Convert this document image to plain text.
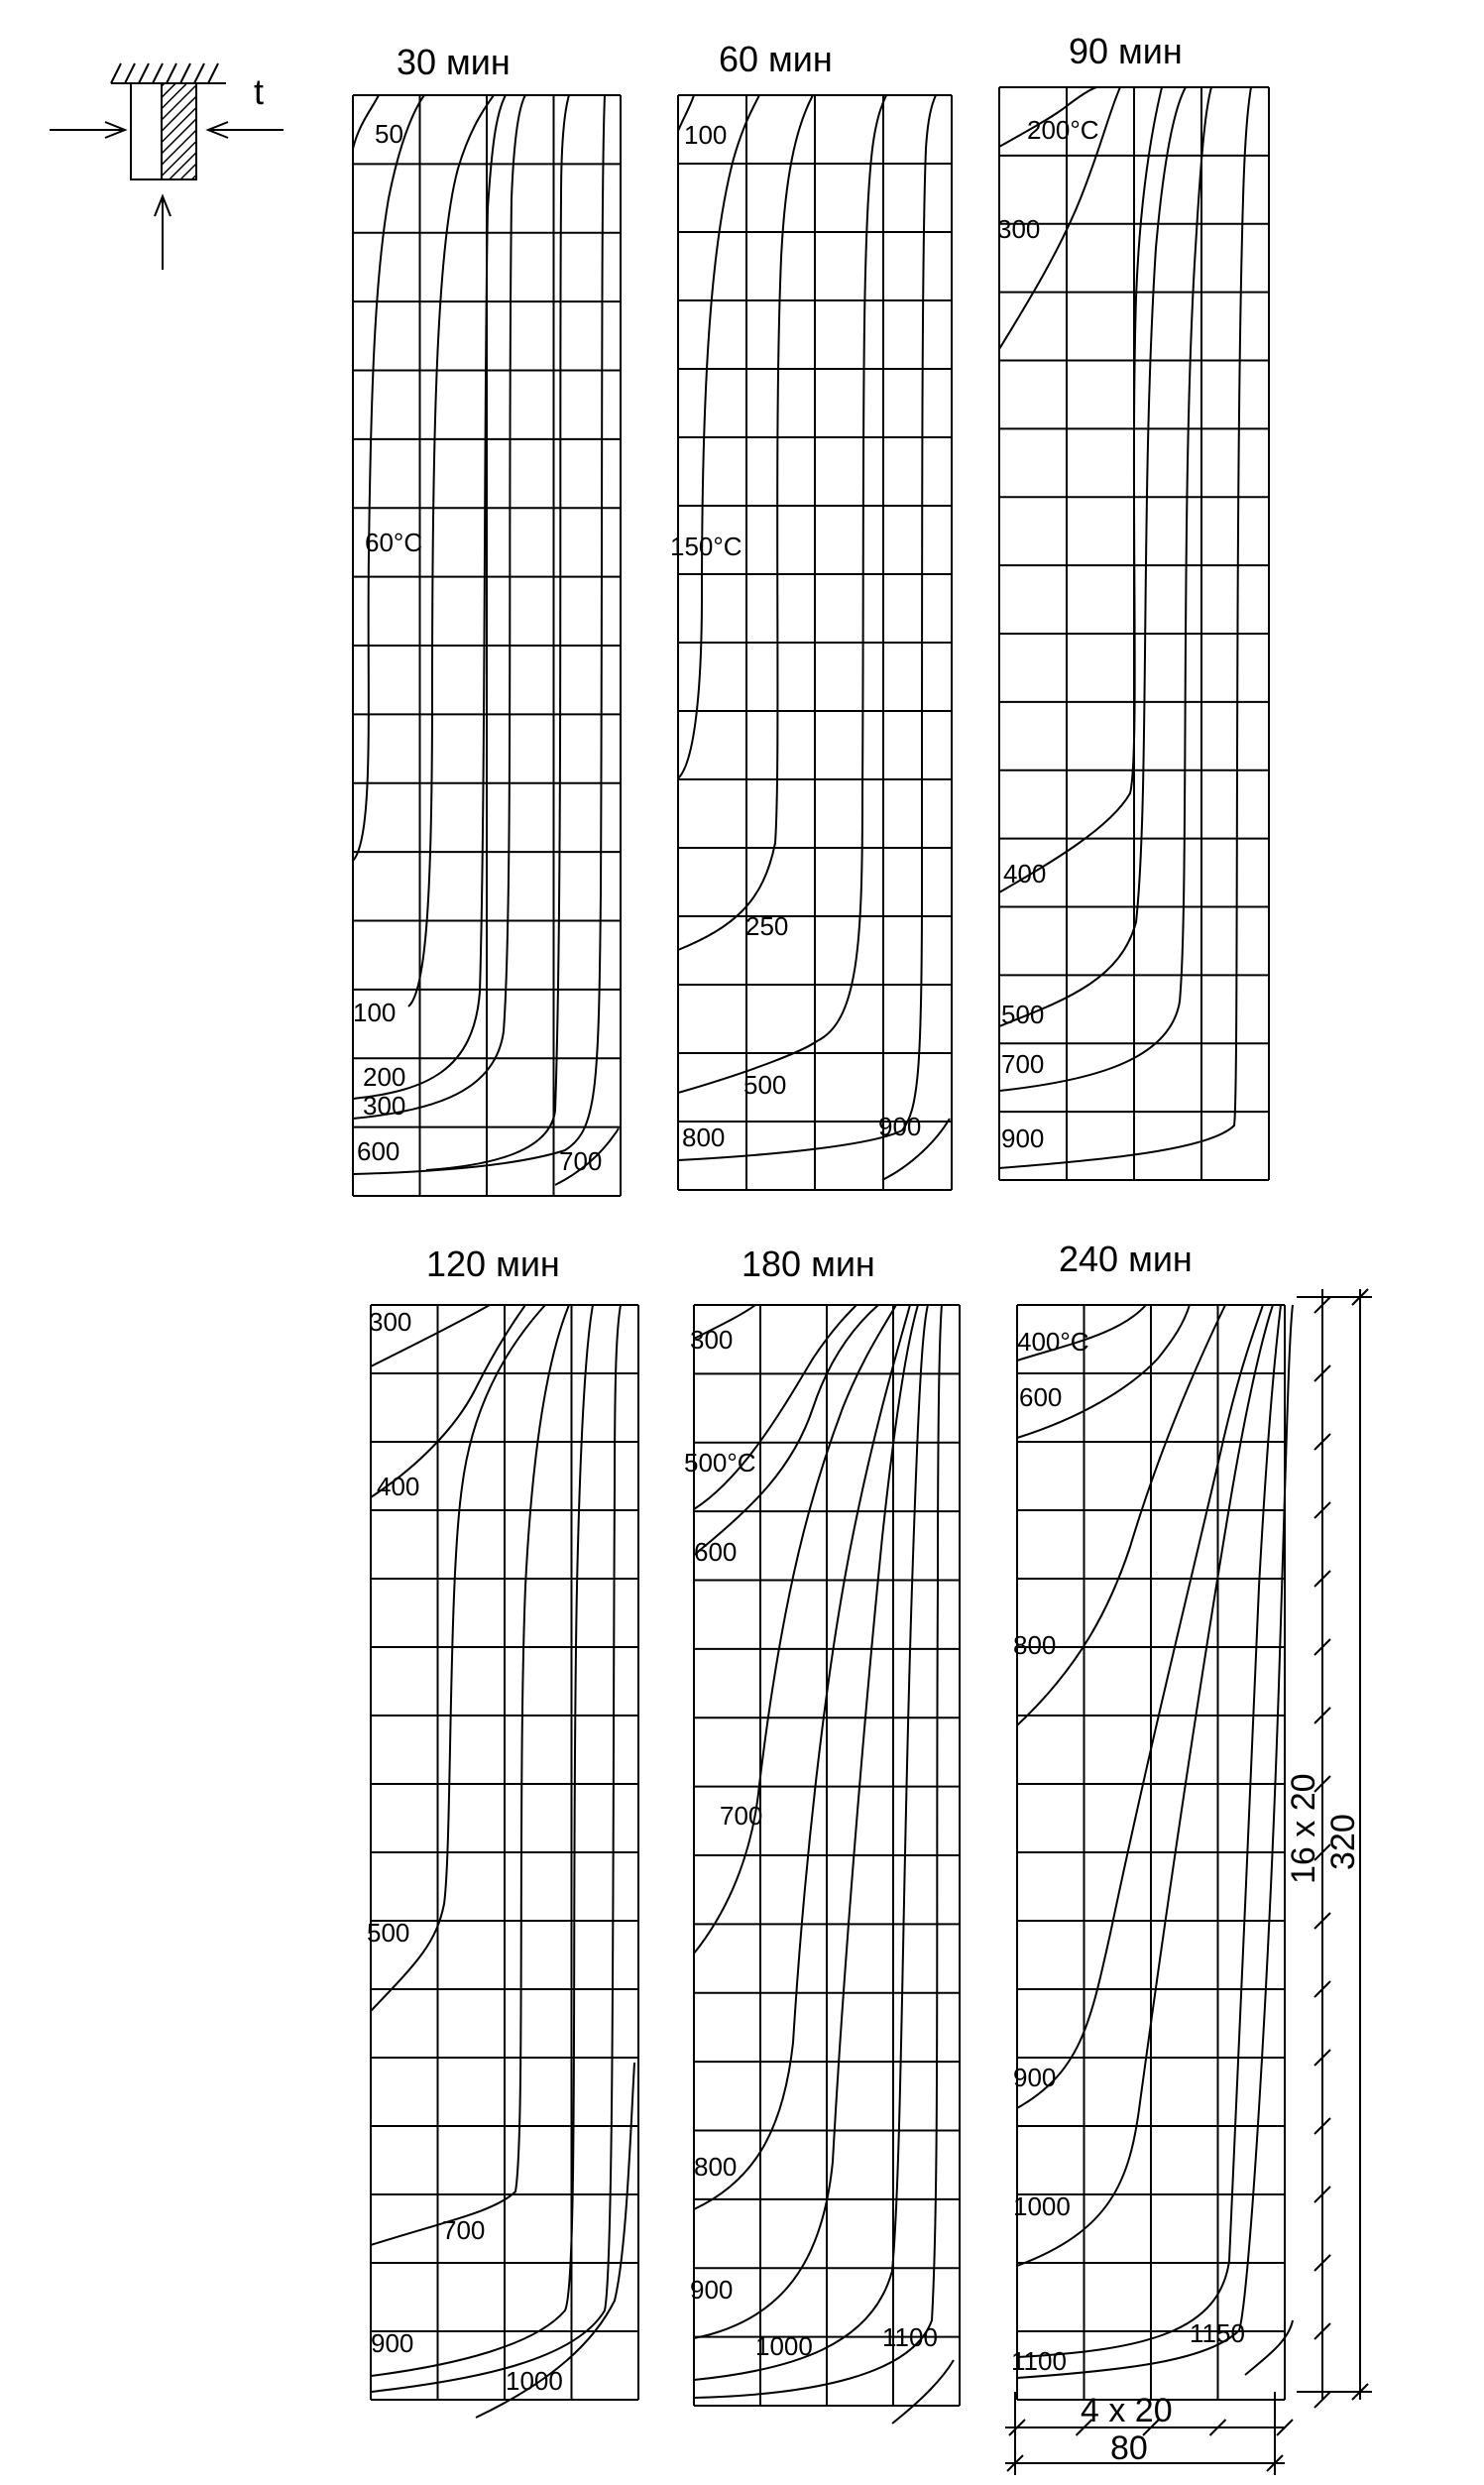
t
30 мин	60 мин	90 мин
120 мин	180 мин	240 мин
50
60°C
100
200
300
600	700
100
150°C
250
500
800	900
200°C
300
400
500
700
900
300
400
500
700
900
1000
300
500°C
600
700
800
900
1000	1100
400°C
600
800
900
1000
1100
1150
16 x 20 320
4 x 20
80
